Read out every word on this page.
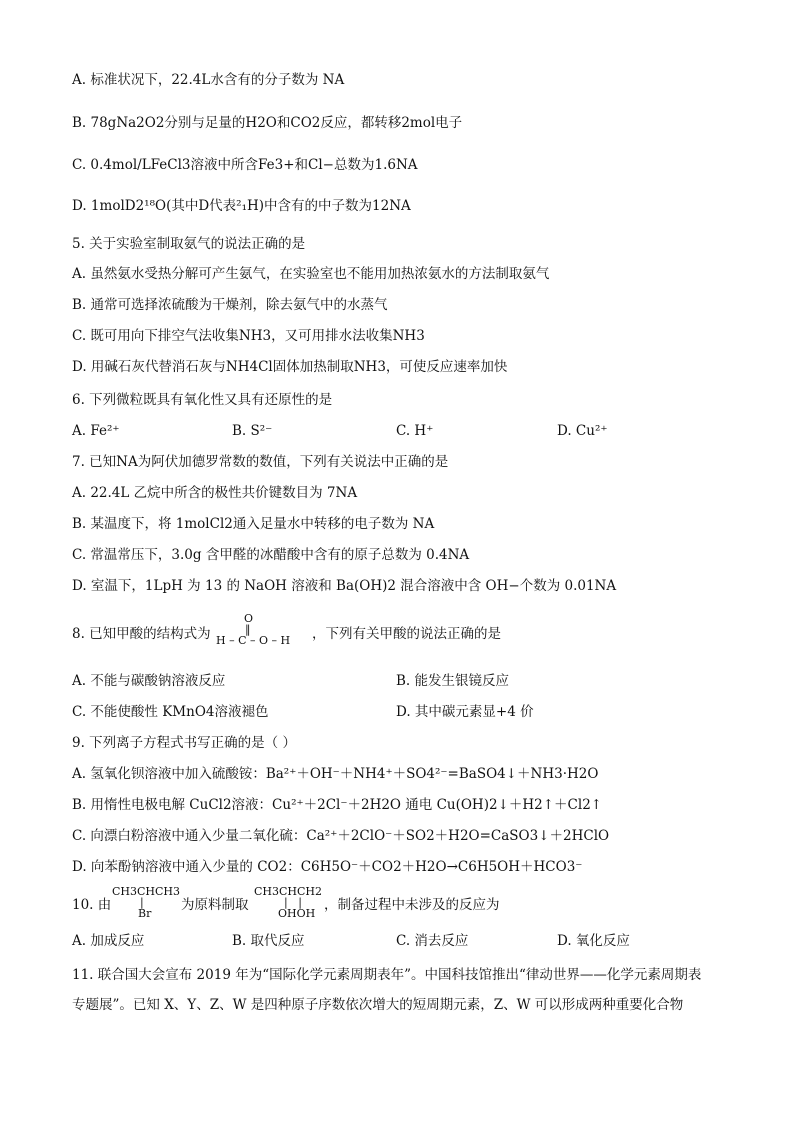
A. 标准状况下，22.4L水含有的分子数为 NA
B. 78gNa2O2分别与足量的H2O和CO2反应，都转移2mol电子
C. 0.4mol/LFeCl3溶液中所含Fe3+和Cl−总数为1.6NA
D. 1molD2¹⁸O(其中D代表²₁H)中含有的中子数为12NA
5. 关于实验室制取氨气的说法正确的是
A. 虽然氨水受热分解可产生氨气，在实验室也不能用加热浓氨水的方法制取氨气
B. 通常可选择浓硫酸为干燥剂，除去氨气中的水蒸气
C. 既可用向下排空气法收集NH3，又可用排水法收集NH3
D. 用碱石灰代替消石灰与NH4Cl固体加热制取NH3，可使反应速率加快
6. 下列微粒既具有氧化性又具有还原性的是
A. Fe²⁺	B. S²⁻	C. H⁺	D. Cu²⁺
7. 已知NA为阿伏加德罗常数的数值，下列有关说法中正确的是
A. 22.4L 乙烷中所含的极性共价键数目为 7NA
B. 某温度下，将 1molCl2通入足量水中转移的电子数为 NA
C. 常温常压下，3.0g 含甲醛的冰醋酸中含有的原子总数为 0.4NA
D. 室温下，1LpH 为 13 的 NaOH 溶液和 Ba(OH)2 混合溶液中含 OH−个数为 0.01NA
8. 已知甲酸的结构式为
O
‖
H – C – O – H ，下列有关甲酸的说法正确的是
A. 不能与碳酸钠溶液反应	B. 能发生银镜反应
C. 不能使酸性 KMnO4溶液褪色	D. 其中碳元素显+4 价
9. 下列离子方程式书写正确的是（ ）
A. 氢氧化钡溶液中加入硫酸铵：Ba²⁺＋OH⁻＋NH4⁺＋SO4²⁻=BaSO4↓＋NH3·H2O
B. 用惰性电极电解 CuCl2溶液：Cu²⁺＋2Cl⁻＋2H2O 通电 Cu(OH)2↓＋H2↑＋Cl2↑
C. 向漂白粉溶液中通入少量二氧化硫：Ca²⁺＋2ClO⁻＋SO2＋H2O=CaSO3↓＋2HClO
D. 向苯酚钠溶液中通入少量的 CO2：C6H5O⁻＋CO2＋H2O→C6H5OH＋HCO3⁻
10. 由
CH3CHCH3
|
Br
为原料制取
CH3CHCH2
|   |
OHOH
，制备过程中未涉及的反应为
A. 加成反应	B. 取代反应	C. 消去反应	D. 氧化反应
11. 联合国大会宣布 2019 年为“国际化学元素周期表年”。中国科技馆推出“律动世界——化学元素周期表
专题展”。已知 X、Y、Z、W 是四种原子序数依次增大的短周期元素，Z、W 可以形成两种重要化合物
